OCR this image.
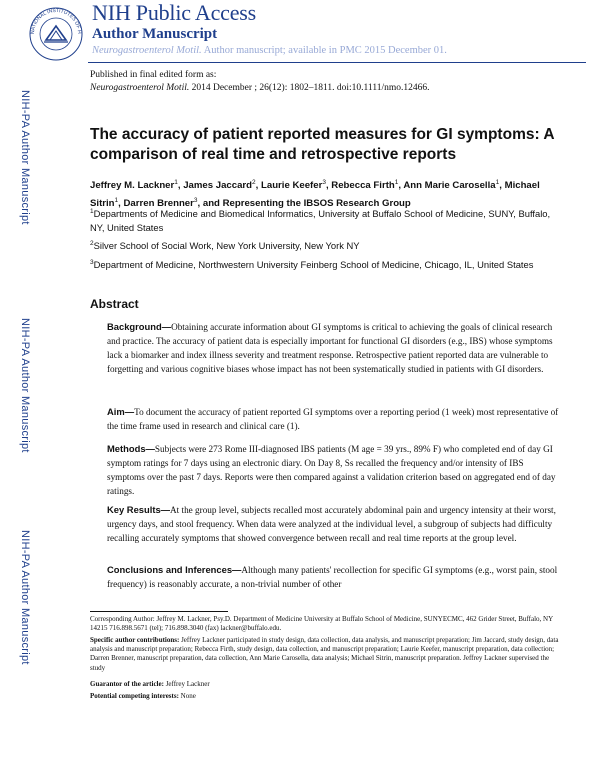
NATIONAL INSTITUTES OF H
NIH Public Access
Author Manuscript
Neurogastroenterol Motil. Author manuscript; available in PMC 2015 December 01.
Published in final edited form as:
Neurogastroenterol Motil. 2014 December ; 26(12): 1802–1811. doi:10.1111/nmo.12466.
NIH-PA Author Manuscript
NIH-PA Author Manuscript
NIH-PA Author Manuscript
The accuracy of patient reported measures for GI symptoms: A comparison of real time and retrospective reports
Jeffrey M. Lackner$^1$, James Jaccard$^2$, Laurie Keefer$^3$, Rebecca Firth$^1$, Ann Marie Carosella$^1$, Michael Sitrin$^1$, Darren Brenner$^3$, and Representing the IBSOS Research Group
$^1$Departments of Medicine and Biomedical Informatics, University at Buffalo School of Medicine, SUNY, Buffalo, NY, United States
$^2$Silver School of Social Work, New York University, New York NY
$^3$Department of Medicine, Northwestern University Feinberg School of Medicine, Chicago, IL, United States
Abstract
Background—Obtaining accurate information about GI symptoms is critical to achieving the goals of clinical research and practice. The accuracy of patient data is especially important for functional GI disorders (e.g., IBS) whose symptoms lack a biomarker and index illness severity and treatment response. Retrospective patient reported data are vulnerable to forgetting and various cognitive biases whose impact has not been systematically studied in patients with GI disorders.
Aim—To document the accuracy of patient reported GI symptoms over a reporting period (1 week) most representative of the time frame used in research and clinical care (1).
Methods—Subjects were 273 Rome III-diagnosed IBS patients (M age = 39 yrs., 89% F) who completed end of day GI symptom ratings for 7 days using an electronic diary. On Day 8, Ss recalled the frequency and/or intensity of IBS symptoms over the past 7 days. Reports were then compared against a validation criterion based on aggregated end of day ratings.
Key Results—At the group level, subjects recalled most accurately abdominal pain and urgency intensity at their worst, urgency days, and stool frequency. When data were analyzed at the individual level, a subgroup of subjects had difficulty recalling accurately symptoms that showed convergence between recall and real time reports at the group level.
Conclusions and Inferences—Although many patients' recollection for specific GI symptoms (e.g., worst pain, stool frequency) is reasonably accurate, a non-trivial number of other
Corresponding Author: Jeffrey M. Lackner, Psy.D. Department of Medicine University at Buffalo School of Medicine, SUNYECMC, 462 Grider Street, Buffalo, NY 14215 716.898.5671 (tel); 716.898.3040 (fax) lackner@buffalo.edu.
Specific author contributions: Jeffrey Lackner participated in study design, data collection, data analysis, and manuscript preparation; Jim Jaccard, study design, data analysis and manuscript preparation; Rebecca Firth, study design, data collection, and manuscript preparation; Laurie Keefer, manuscript preparation, data collection; Darren Brenner, manuscript preparation, data collection, Ann Marie Carosella, data analysis; Michael Sitrin, manuscript preparation. Jeffrey Lackner supervised the study
Guarantor of the article: Jeffrey Lackner
Potential competing interests: None
